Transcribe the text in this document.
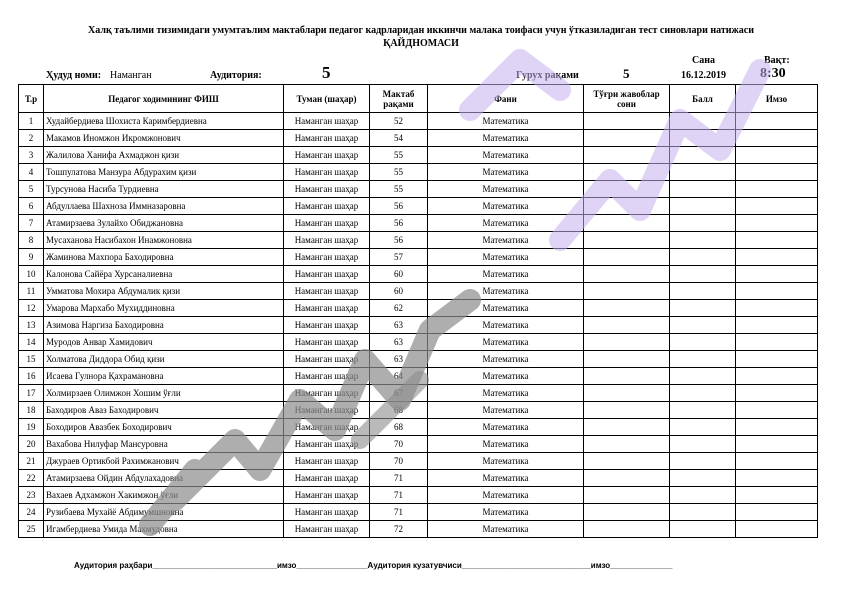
Халқ таълими тизимидаги умумтаълим мактаблари педагог кадрларидан иккинчи малака тоифаси учун ўтказиладиган тест синовлари натижаси
ҚАЙДНОМАСИ
Ҳудуд номи: Наманган	Аудитория:	5	Гурух рақами	5
Сана
16.12.2019
Вақт:
8:30
Т.р	Педагог ходимининг ФИШ	Туман (шаҳар)	Мактаб рақами	Фани	Тўғри жавоблар сони	Балл	Имзо
1	Худайбердиева Шохиста Каримбердиевна	Наманган шаҳар	52	Математика			
2	Макамов Иномжон Икромжонович	Наманган шаҳар	54	Математика			
3	Жалилова Ханифа Ахмаджон қизи	Наманган шаҳар	55	Математика			
4	Тошпулатова Манзура Абдурахим қизи	Наманган шаҳар	55	Математика			
5	Турсунова Насиба Турдиевна	Наманган шаҳар	55	Математика			
6	Абдуллаева Шахноза Иммназаровна	Наманган шаҳар	56	Математика			
7	Атамирзаева Зулайхо Обиджановна	Наманган шаҳар	56	Математика			
8	Мусаханова Насибахон Инамжоновна	Наманган шаҳар	56	Математика			
9	Жаминова Махпора Баходировна	Наманган шаҳар	57	Математика			
10	Калонова Сайёра Хурсаналиевна	Наманган шаҳар	60	Математика			
11	Умматова Мохира Абдумалик қизи	Наманган шаҳар	60	Математика			
12	Умарова Мархабо Мухиддиновна	Наманган шаҳар	62	Математика			
13	Азимова Наргиза Баходировна	Наманган шаҳар	63	Математика			
14	Муродов Анвар Хамидович	Наманган шаҳар	63	Математика			
15	Холматова Диддора Обид қизи	Наманган шаҳар	63	Математика			
16	Исаева Гулнора Қахрамановна	Наманган шаҳар	64	Математика			
17	Холмирзаев Олимжон Хошим ўғли	Наманган шаҳар	67	Математика			
18	Баходиров Аваз Баходирович	Наманган шаҳар	68	Математика			
19	Боходиров Авазбек Боходирович	Наманган шаҳар	68	Математика			
20	Вахабова Нилуфар Мансуровна	Наманган шаҳар	70	Математика			
21	Джураев Ортикбой Рахимжанович	Наманган шаҳар	70	Математика			
22	Атамирзаева Ойдин Абдулахадовна	Наманган шаҳар	71	Математика			
23	Вахаев Адхамжон Хакимжон ўғли	Наманган шаҳар	71	Математика			
24	Рузибаева Мухайё Абдимумшновна	Наманган шаҳар	71	Математика			
25	Игамбердиева Умида Махмудовна	Наманган шаҳар	72	Математика			
Аудитория раҳбари____________________________имзо________________Аудитория кузатувчиси_____________________________имзо______________
